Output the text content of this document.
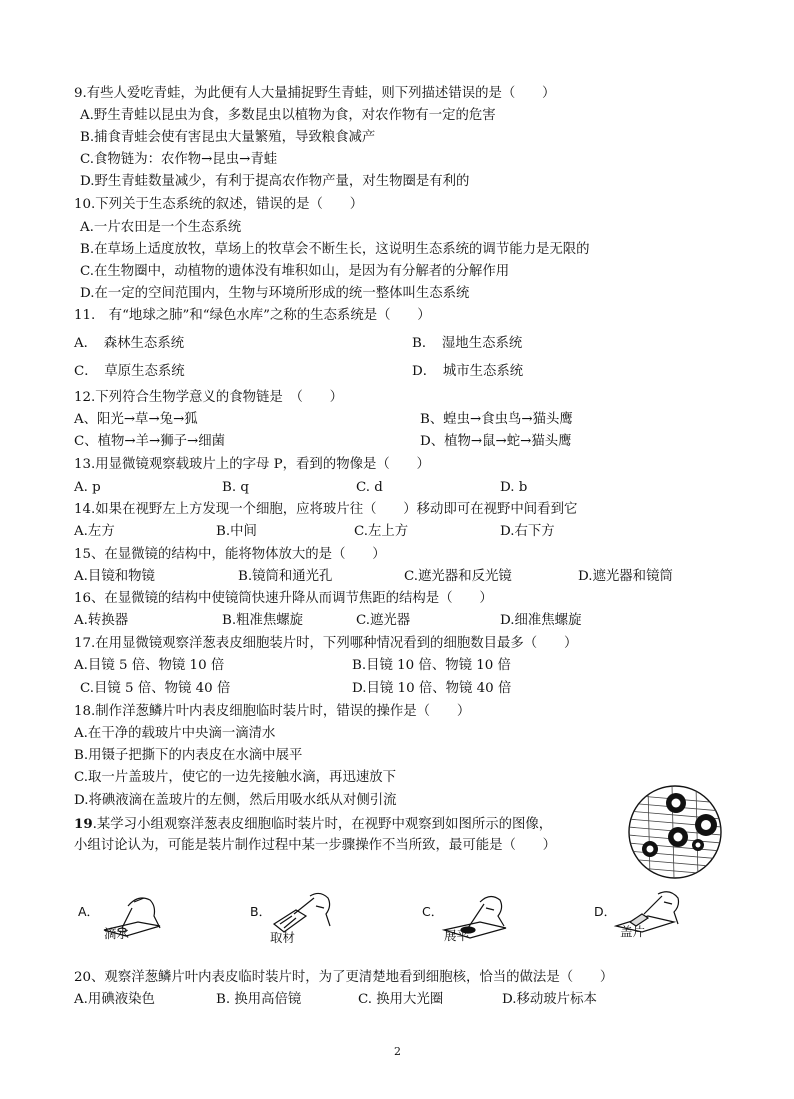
9.有些人爱吃青蛙，为此便有人大量捕捉野生青蛙，则下列描述错误的是（　　）
A.野生青蛙以昆虫为食，多数昆虫以植物为食，对农作物有一定的危害
B.捕食青蛙会使有害昆虫大量繁殖，导致粮食减产
C.食物链为：农作物→昆虫→青蛙
D.野生青蛙数量减少，有利于提高农作物产量，对生物圈是有利的
10.下列关于生态系统的叙述，错误的是（　　）
A.一片农田是一个生态系统
B.在草场上适度放牧，草场上的牧草会不断生长，这说明生态系统的调节能力是无限的
C.在生物圈中，动植物的遗体没有堆积如山，是因为有分解者的分解作用
D.在一定的空间范围内，生物与环境所形成的统一整体叫生态系统
11.　有“地球之肺”和“绿色水库”之称的生态系统是（　　）
A．　森林生态系统	B．　湿地生态系统
C．　草原生态系统	D．　城市生态系统
12.下列符合生物学意义的食物链是　（　　）
A、阳光→草→兔→狐	B、蝗虫→食虫鸟→猫头鹰
C、植物→羊→狮子→细菌	D、植物→鼠→蛇→猫头鹰
13.用显微镜观察载玻片上的字母 P，看到的物像是（　　）
A. p	B. q	C. d	D. b
14.如果在视野左上方发现一个细胞，应将玻片往（　　）移动即可在视野中间看到它
A.左方	B.中间	C.左上方	D.右下方
15、在显微镜的结构中，能将物体放大的是（　　）
A.目镜和物镜	B.镜筒和通光孔	C.遮光器和反光镜	D.遮光器和镜筒
16、在显微镜的结构中使镜筒快速升降从而调节焦距的结构是（　　）
A.转换器	B.粗准焦螺旋	C.遮光器	D.细准焦螺旋
17.在用显微镜观察洋葱表皮细胞装片时，下列哪种情况看到的细胞数目最多（　　）
A.目镜 5 倍、物镜 10 倍	B.目镜 10 倍、物镜 10 倍
C.目镜 5 倍、物镜 40 倍	D.目镜 10 倍、物镜 40 倍
18.制作洋葱鳞片叶内表皮细胞临时装片时，错误的操作是（　　）
A.在干净的载玻片中央滴一滴清水
B.用镊子把撕下的内表皮在水滴中展平
C.取一片盖玻片，使它的一边先接触水滴，再迅速放下
D.将碘液滴在盖玻片的左侧，然后用吸水纸从对侧引流
19.某学习小组观察洋葱表皮细胞临时装片时，在视野中观察到如图所示的图像，
小组讨论认为，可能是装片制作过程中某一步骤操作不当所致，最可能是（　　）
A．
滴水
B．
取材
C．
展平
D．
盖片
20、观察洋葱鳞片叶内表皮临时装片时，为了更清楚地看到细胞核，恰当的做法是（　　）
A.用碘液染色	B. 换用高倍镜	C. 换用大光圈	D.移动玻片标本
2
